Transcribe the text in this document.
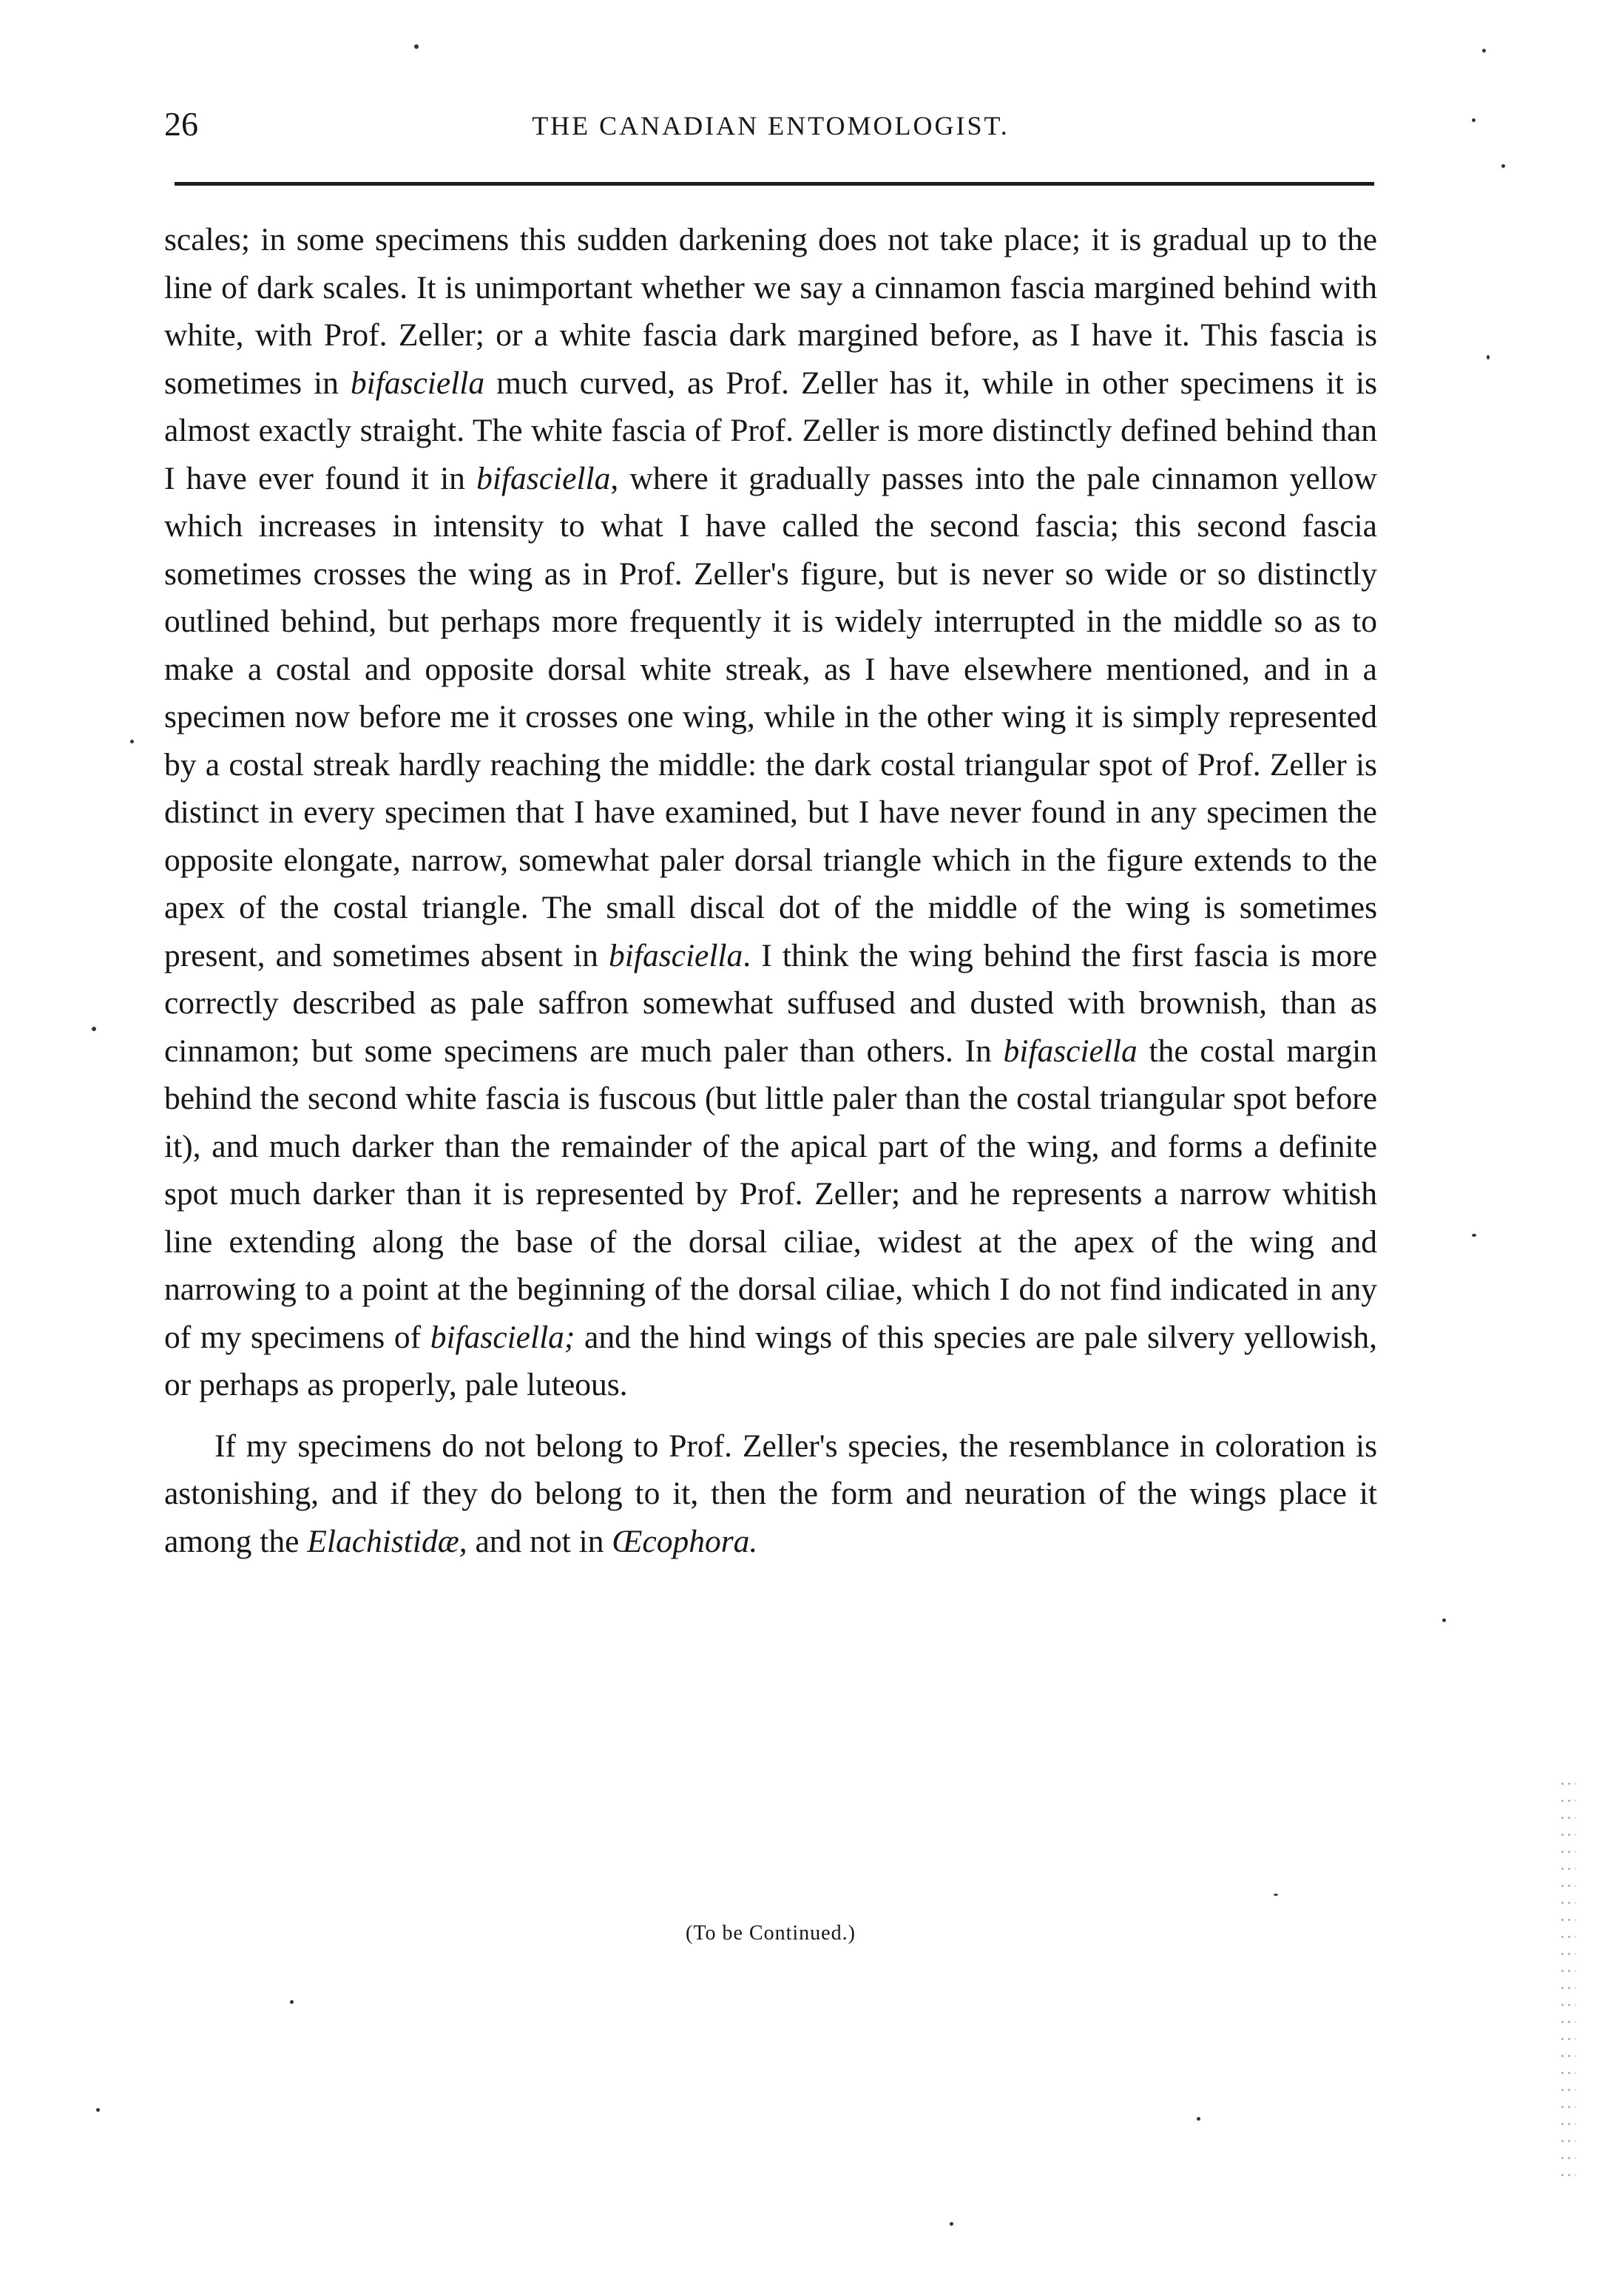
26	THE CANADIAN ENTOMOLOGIST.

scales; in some specimens this sudden darkening does not take place; it is gradual up to the line of dark scales. It is unimportant whether we say a cinnamon fascia margined behind with white, with Prof. Zeller; or a white fascia dark margined before, as I have it. This fascia is sometimes in bifasciella much curved, as Prof. Zeller has it, while in other specimens it is almost exactly straight. The white fascia of Prof. Zeller is more distinctly defined behind than I have ever found it in bifasciella, where it gradually passes into the pale cinnamon yellow which increases in intensity to what I have called the second fascia; this second fascia sometimes crosses the wing as in Prof. Zeller's figure, but is never so wide or so distinctly outlined behind, but perhaps more frequently it is widely interrupted in the middle so as to make a costal and opposite dorsal white streak, as I have elsewhere mentioned, and in a specimen now before me it crosses one wing, while in the other wing it is simply represented by a costal streak hardly reaching the middle: the dark costal triangular spot of Prof. Zeller is distinct in every specimen that I have examined, but I have never found in any specimen the opposite elongate, narrow, somewhat paler dorsal triangle which in the figure extends to the apex of the costal triangle. The small discal dot of the middle of the wing is sometimes present, and sometimes absent in bifasciella. I think the wing behind the first fascia is more correctly described as pale saffron somewhat suffused and dusted with brownish, than as cinnamon; but some specimens are much paler than others. In bifasciella the costal margin behind the second white fascia is fuscous (but little paler than the costal triangular spot before it), and much darker than the remainder of the apical part of the wing, and forms a definite spot much darker than it is represented by Prof. Zeller; and he represents a narrow whitish line extending along the base of the dorsal ciliae, widest at the apex of the wing and narrowing to a point at the beginning of the dorsal ciliae, which I do not find indicated in any of my specimens of bifasciella; and the hind wings of this species are pale silvery yellowish, or perhaps as properly, pale luteous.

If my specimens do not belong to Prof. Zeller's species, the resemblance in coloration is astonishing, and if they do belong to it, then the form and neuration of the wings place it among the Elachistidæ, and not in Œcophora.

(To be Continued.)
